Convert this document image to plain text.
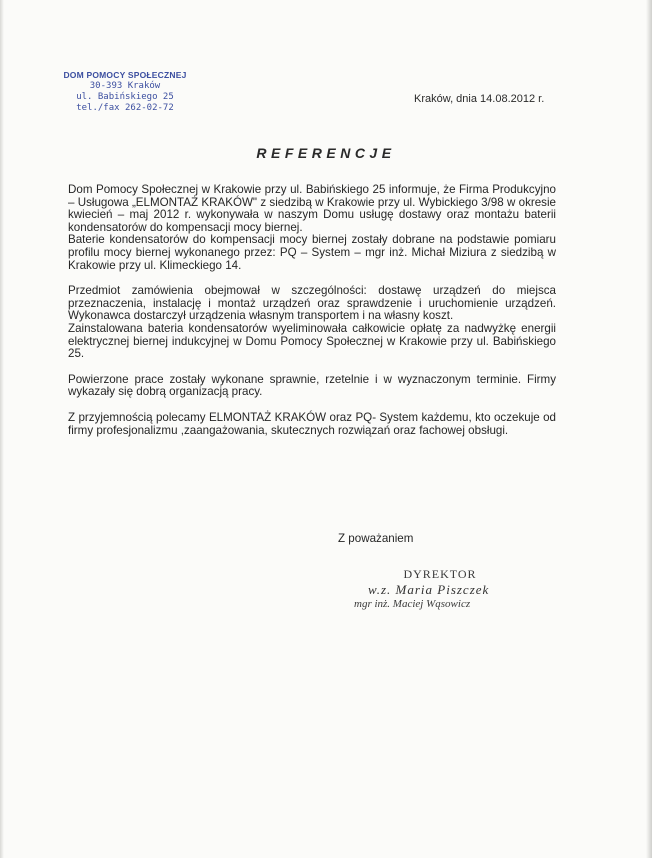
DOM POMOCY SPOŁECZNEJ
30-393 Kraków
ul. Babińskiego 25
tel./fax 262-02-72
Kraków, dnia 14.08.2012 r.
REFERENCJE

Dom Pomocy Społecznej w Krakowie przy ul. Babińskiego 25 informuje, że Firma Produkcyjno – Usługowa „ELMONTAŻ KRAKÓW" z siedzibą w Krakowie przy ul. Wybickiego 3/98 w okresie kwiecień – maj 2012 r. wykonywała w naszym Domu usługę dostawy oraz montażu baterii kondensatorów do kompensacji mocy biernej.

Baterie kondensatorów do kompensacji mocy biernej zostały dobrane na podstawie pomiaru profilu mocy biernej wykonanego przez: PQ – System – mgr inż. Michał Miziura z siedzibą w Krakowie przy ul. Klimeckiego 14.

Przedmiot zamówienia obejmował w szczególności: dostawę urządzeń do miejsca przeznaczenia, instalację i montaż urządzeń oraz sprawdzenie i uruchomienie urządzeń. Wykonawca dostarczył urządzenia własnym transportem i na własny koszt.

Zainstalowana bateria kondensatorów wyeliminowała całkowicie opłatę za nadwyżkę energii elektrycznej biernej indukcyjnej w Domu Pomocy Społecznej w Krakowie przy ul. Babińskiego 25.

Powierzone prace zostały wykonane sprawnie, rzetelnie i w wyznaczonym terminie. Firmy wykazały się dobrą organizacją pracy.

Z przyjemnością polecamy ELMONTAŻ KRAKÓW oraz PQ- System każdemu, kto oczekuje od firmy profesjonalizmu ,zaangażowania, skutecznych rozwiązań oraz fachowej obsługi.

Z poważaniem
DYREKTOR
w.z. Maria Piszczek
mgr inż. Maciej Wąsowicz
